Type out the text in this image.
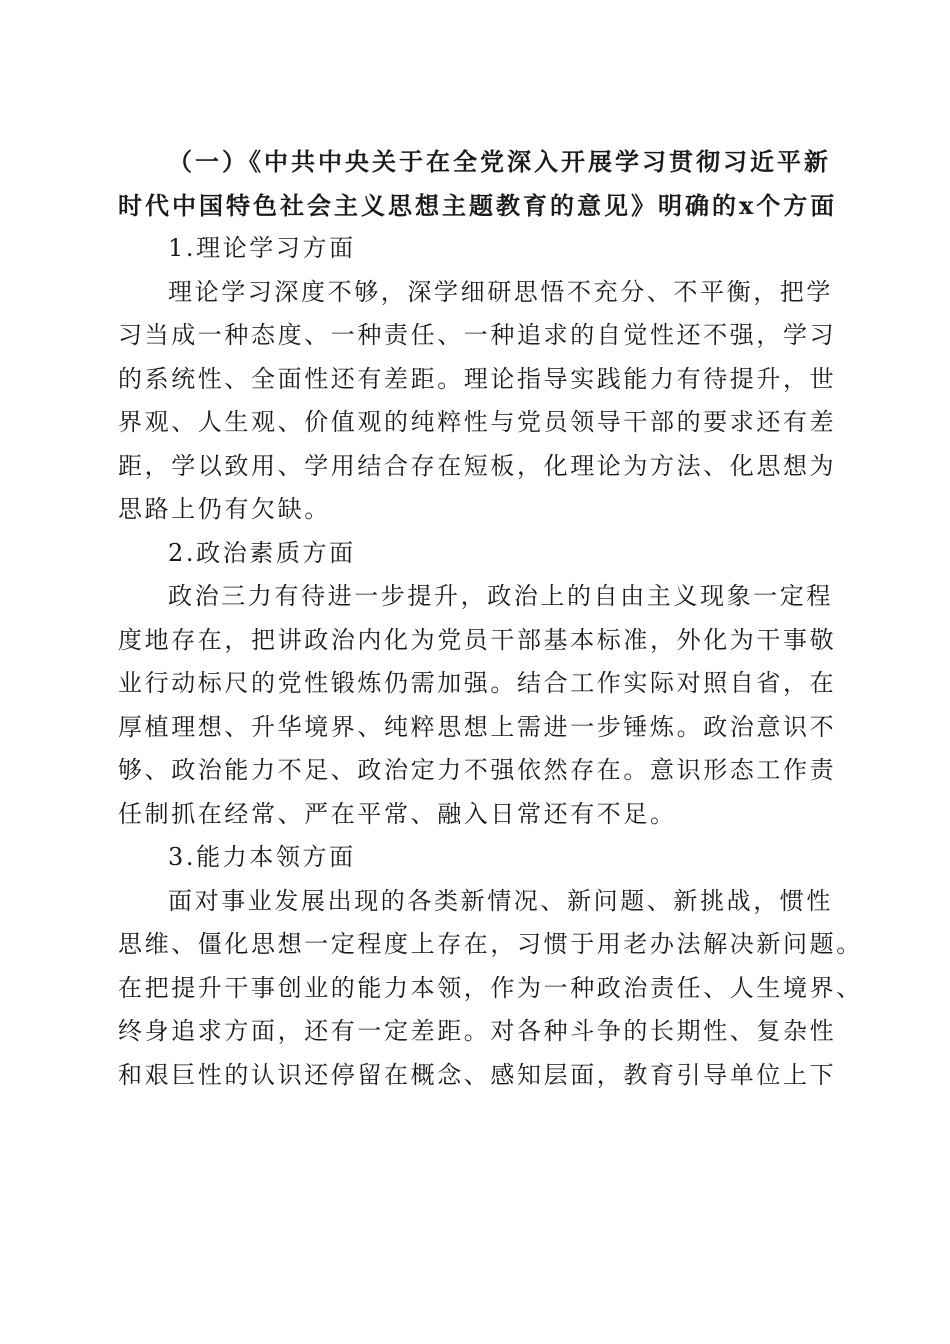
（一）《中共中央关于在全党深入开展学习贯彻习近平新
时代中国特色社会主义思想主题教育的意见》明确的x个方面
1.理论学习方面
理论学习深度不够，深学细研思悟不充分、不平衡，把学
习当成一种态度、一种责任、一种追求的自觉性还不强，学习
的系统性、全面性还有差距。理论指导实践能力有待提升，世
界观、人生观、价值观的纯粹性与党员领导干部的要求还有差
距，学以致用、学用结合存在短板，化理论为方法、化思想为
思路上仍有欠缺。
2.政治素质方面
政治三力有待进一步提升，政治上的自由主义现象一定程
度地存在，把讲政治内化为党员干部基本标准，外化为干事敬
业行动标尺的党性锻炼仍需加强。结合工作实际对照自省，在
厚植理想、升华境界、纯粹思想上需进一步锤炼。政治意识不
够、政治能力不足、政治定力不强依然存在。意识形态工作责
任制抓在经常、严在平常、融入日常还有不足。
3.能力本领方面
面对事业发展出现的各类新情况、新问题、新挑战，惯性
思维、僵化思想一定程度上存在，习惯于用老办法解决新问题。
在把提升干事创业的能力本领，作为一种政治责任、人生境界、
终身追求方面，还有一定差距。对各种斗争的长期性、复杂性
和艰巨性的认识还停留在概念、感知层面，教育引导单位上下
